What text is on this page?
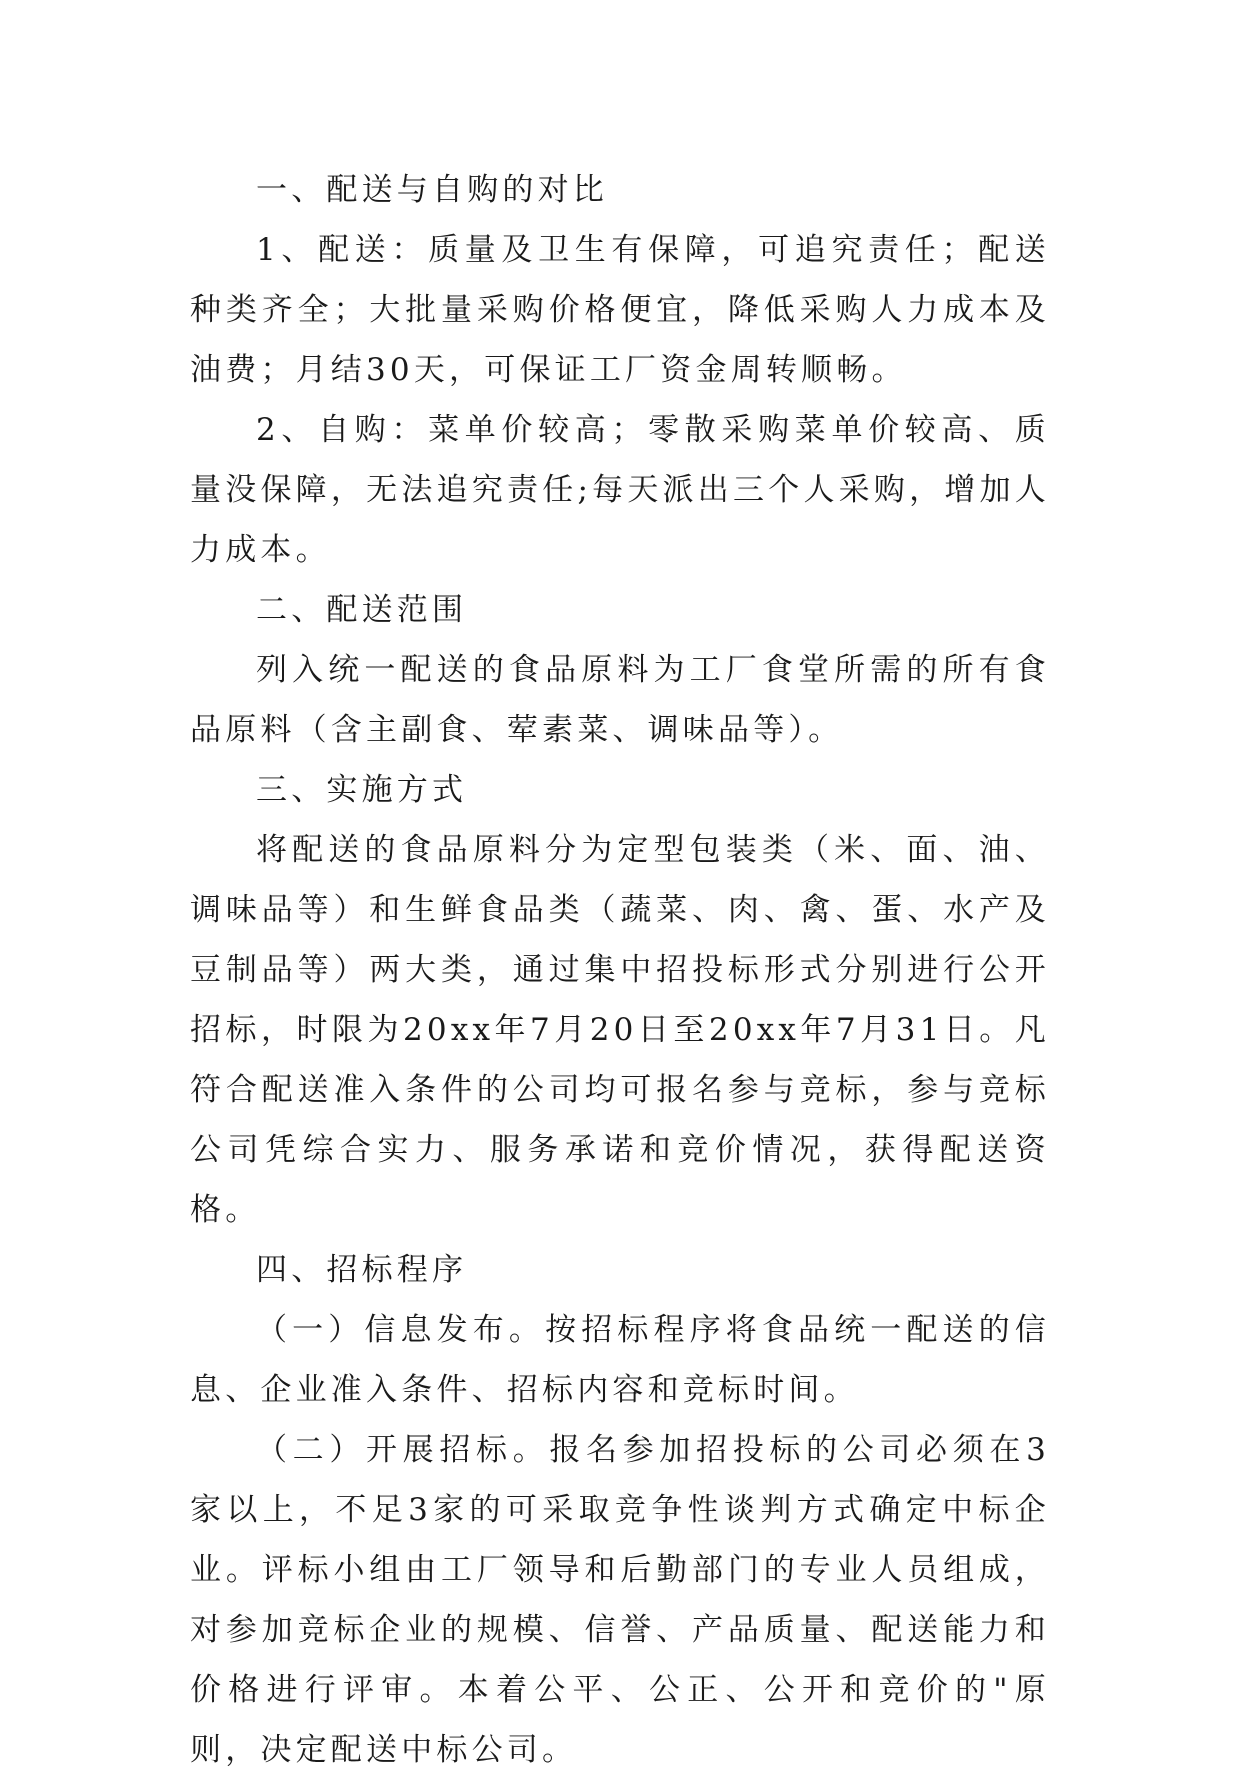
一、配送与自购的对比

1、配送：质量及卫生有保障，可追究责任；配送种类齐全；大批量采购价格便宜，降低采购人力成本及油费；月结30天，可保证工厂资金周转顺畅。

2、自购：菜单价较高；零散采购菜单价较高、质量没保障，无法追究责任;每天派出三个人采购，增加人力成本。

二、配送范围

列入统一配送的食品原料为工厂食堂所需的所有食品原料（含主副食、荤素菜、调味品等）。

三、实施方式

将配送的食品原料分为定型包装类（米、面、油、调味品等）和生鲜食品类（蔬菜、肉、禽、蛋、水产及豆制品等）两大类，通过集中招投标形式分别进行公开招标，时限为20xx年7月20日至20xx年7月31日。凡符合配送准入条件的公司均可报名参与竞标，参与竞标公司凭综合实力、服务承诺和竞价情况，获得配送资格。

四、招标程序

（一）信息发布。按招标程序将食品统一配送的信息、企业准入条件、招标内容和竞标时间。

（二）开展招标。报名参加招投标的公司必须在3家以上，不足3家的可采取竞争性谈判方式确定中标企业。评标小组由工厂领导和后勤部门的专业人员组成，对参加竞标企业的规模、信誉、产品质量、配送能力和价格进行评审。本着公平、公正、公开和竞价的"原则，决定配送中标公司。
